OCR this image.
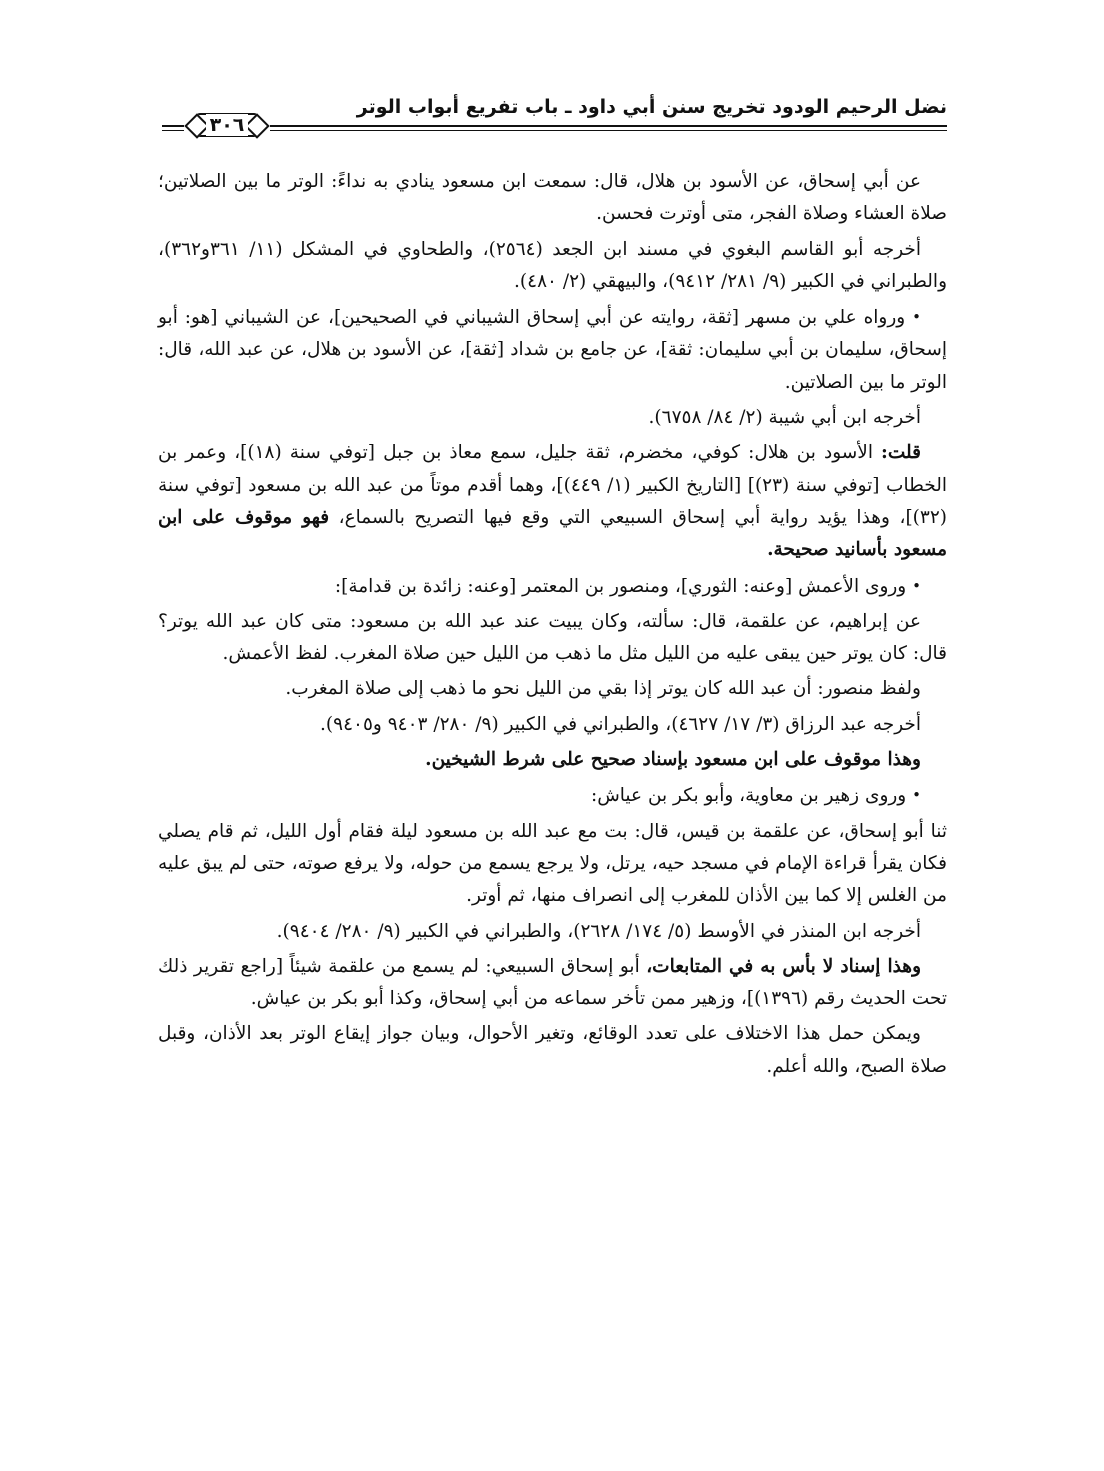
نضل الرحيم الودود تخريج سنن أبي داود ـ باب تفريع أبواب الوتر
٣٠٦

عن أبي إسحاق، عن الأسود بن هلال، قال: سمعت ابن مسعود ينادي به نداءً: الوتر ما بين الصلاتين؛ صلاة العشاء وصلاة الفجر، متى أوترت فحسن.

أخرجه أبو القاسم البغوي في مسند ابن الجعد (٢٥٦٤)، والطحاوي في المشكل (١١/ ٣٦١و٣٦٢)، والطبراني في الكبير (٩/ ٢٨١/ ٩٤١٢)، والبيهقي (٢/ ٤٨٠).

• ورواه علي بن مسهر [ثقة، روايته عن أبي إسحاق الشيباني في الصحيحين]، عن الشيباني [هو: أبو إسحاق، سليمان بن أبي سليمان: ثقة]، عن جامع بن شداد [ثقة]، عن الأسود بن هلال، عن عبد الله، قال: الوتر ما بين الصلاتين.

أخرجه ابن أبي شيبة (٢/ ٨٤/ ٦٧٥٨).

قلت: الأسود بن هلال: كوفي، مخضرم، ثقة جليل، سمع معاذ بن جبل [توفي سنة (١٨)]، وعمر بن الخطاب [توفي سنة (٢٣)] [التاريخ الكبير (١/ ٤٤٩)]، وهما أقدم موتاً من عبد الله بن مسعود [توفي سنة (٣٢)]، وهذا يؤيد رواية أبي إسحاق السبيعي التي وقع فيها التصريح بالسماع، فهو موقوف على ابن مسعود بأسانيد صحيحة.

• وروى الأعمش [وعنه: الثوري]، ومنصور بن المعتمر [وعنه: زائدة بن قدامة]:

عن إبراهيم، عن علقمة، قال: سألته، وكان يبيت عند عبد الله بن مسعود: متى كان عبد الله يوتر؟ قال: كان يوتر حين يبقى عليه من الليل مثل ما ذهب من الليل حين صلاة المغرب. لفظ الأعمش.

ولفظ منصور: أن عبد الله كان يوتر إذا بقي من الليل نحو ما ذهب إلى صلاة المغرب.

أخرجه عبد الرزاق (٣/ ١٧/ ٤٦٢٧)، والطبراني في الكبير (٩/ ٢٨٠/ ٩٤٠٣ و٩٤٠٥).

وهذا موقوف على ابن مسعود بإسناد صحيح على شرط الشيخين.

• وروى زهير بن معاوية، وأبو بكر بن عياش:

ثنا أبو إسحاق، عن علقمة بن قيس، قال: بت مع عبد الله بن مسعود ليلة فقام أول الليل، ثم قام يصلي فكان يقرأ قراءة الإمام في مسجد حيه، يرتل، ولا يرجع يسمع من حوله، ولا يرفع صوته، حتى لم يبق عليه من الغلس إلا كما بين الأذان للمغرب إلى انصراف منها، ثم أوتر.

أخرجه ابن المنذر في الأوسط (٥/ ١٧٤/ ٢٦٢٨)، والطبراني في الكبير (٩/ ٢٨٠/ ٩٤٠٤).

وهذا إسناد لا بأس به في المتابعات، أبو إسحاق السبيعي: لم يسمع من علقمة شيئاً [راجع تقرير ذلك تحت الحديث رقم (١٣٩٦)]، وزهير ممن تأخر سماعه من أبي إسحاق، وكذا أبو بكر بن عياش.

ويمكن حمل هذا الاختلاف على تعدد الوقائع، وتغير الأحوال، وبيان جواز إيقاع الوتر بعد الأذان، وقبل صلاة الصبح، والله أعلم.
